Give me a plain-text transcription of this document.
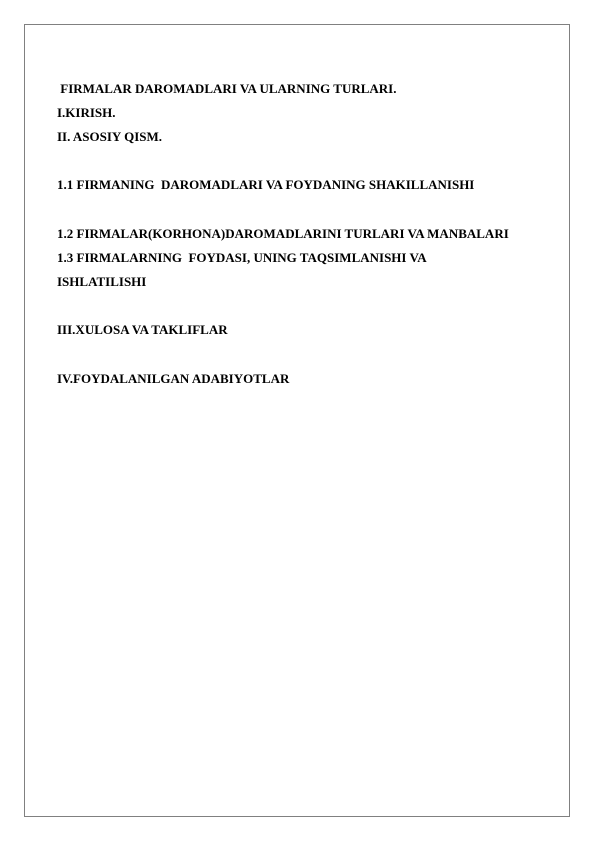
FIRMALAR DAROMADLARI VA ULARNING TURLARI.
I.KIRISH.
II. ASOSIY QISM.
1.1 FIRMANING  DAROMADLARI VA FOYDANING SHAKILLANISHI
1.2 FIRMALAR(KORHONA)DAROMADLARINI TURLARI VA MANBALARI
1.3 FIRMALARNING  FOYDASI, UNING TAQSIMLANISHI VA
ISHLATILISHI
III.XULOSA VA TAKLIFLAR
IV.FOYDALANILGAN ADABIYOTLAR
